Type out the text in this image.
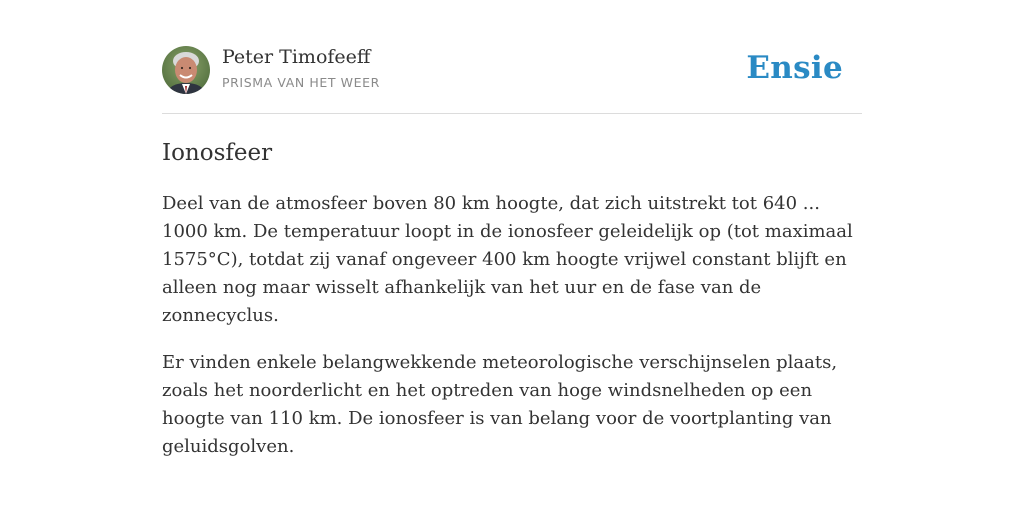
Peter Timofeeff
PRISMA VAN HET WEER	Ensie
Ionosfeer

Deel van de atmosfeer boven 80 km hoogte, dat zich uitstrekt tot 640 ... 1000 km. De temperatuur loopt in de ionosfeer geleidelijk op (tot maximaal 1575°C), totdat zij vanaf ongeveer 400 km hoogte vrijwel constant blijft en alleen nog maar wisselt afhankelijk van het uur en de fase van de zonnecyclus.

Er vinden enkele belangwekkende meteorologische verschijnselen plaats, zoals het noorderlicht en het optreden van hoge windsnelheden op een hoogte van 110 km. De ionosfeer is van belang voor de voortplanting van geluidsgolven.
